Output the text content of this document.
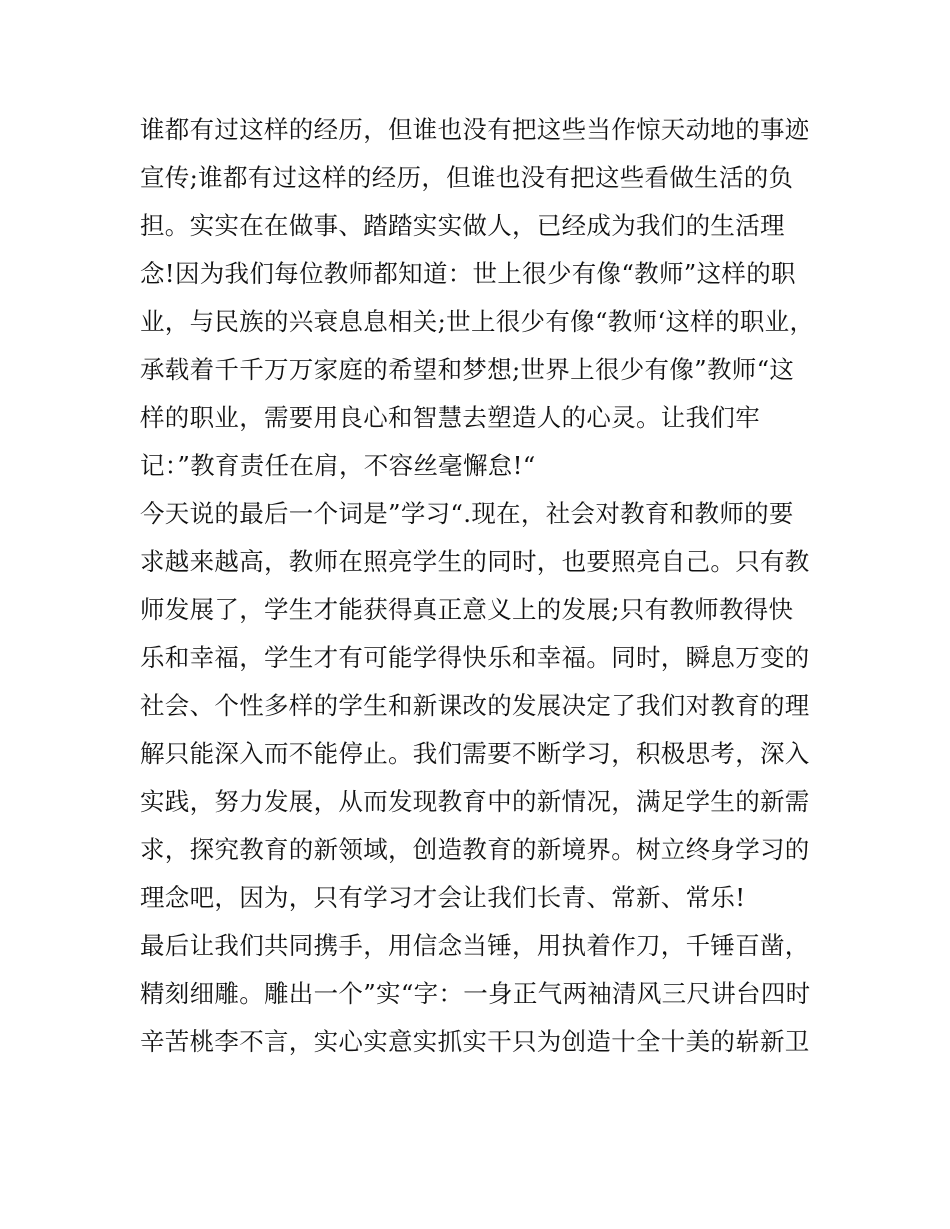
谁都有过这样的经历，但谁也没有把这些当作惊天动地的事迹
宣传;谁都有过这样的经历，但谁也没有把这些看做生活的负
担。实实在在做事、踏踏实实做人，已经成为我们的生活理
念!因为我们每位教师都知道：世上很少有像“教师”这样的职
业，与民族的兴衰息息相关;世上很少有像“教师‘这样的职业，
承载着千千万万家庭的希望和梦想;世界上很少有像”教师“这
样的职业，需要用良心和智慧去塑造人的心灵。让我们牢
记：”教育责任在肩，不容丝毫懈怠!“
今天说的最后一个词是”学习“.现在，社会对教育和教师的要
求越来越高，教师在照亮学生的同时，也要照亮自己。只有教
师发展了，学生才能获得真正意义上的发展;只有教师教得快
乐和幸福，学生才有可能学得快乐和幸福。同时，瞬息万变的
社会、个性多样的学生和新课改的发展决定了我们对教育的理
解只能深入而不能停止。我们需要不断学习，积极思考，深入
实践，努力发展，从而发现教育中的新情况，满足学生的新需
求，探究教育的新领域，创造教育的新境界。树立终身学习的
理念吧，因为，只有学习才会让我们长青、常新、常乐!
最后让我们共同携手，用信念当锤，用执着作刀，千锤百凿，
精刻细雕。雕出一个”实“字：一身正气两袖清风三尺讲台四时
辛苦桃李不言，实心实意实抓实干只为创造十全十美的崭新卫
